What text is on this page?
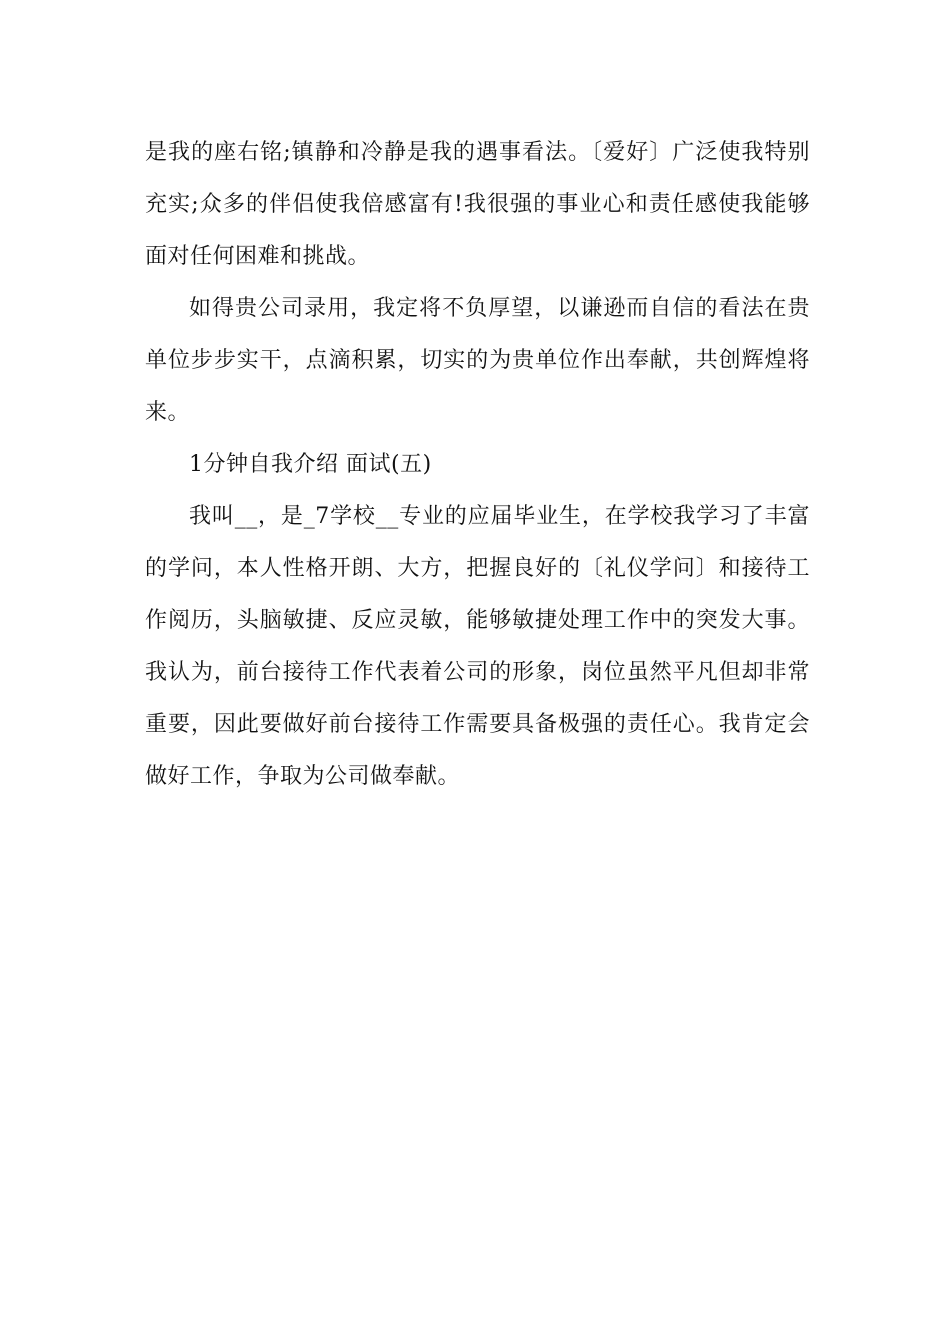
是我的座右铭;镇静和冷静是我的遇事看法。〔爱好〕广泛使我特别充实;众多的伴侣使我倍感富有!我很强的事业心和责任感使我能够面对任何困难和挑战。

如得贵公司录用，我定将不负厚望，以谦逊而自信的看法在贵单位步步实干，点滴积累，切实的为贵单位作出奉献，共创辉煌将来。

1分钟自我介绍 面试(五)

我叫__，是_7学校__专业的应届毕业生，在学校我学习了丰富的学问，本人性格开朗、大方，把握良好的〔礼仪学问〕和接待工作阅历，头脑敏捷、反应灵敏，能够敏捷处理工作中的突发大事。我认为，前台接待工作代表着公司的形象，岗位虽然平凡但却非常重要，因此要做好前台接待工作需要具备极强的责任心。我肯定会做好工作，争取为公司做奉献。
